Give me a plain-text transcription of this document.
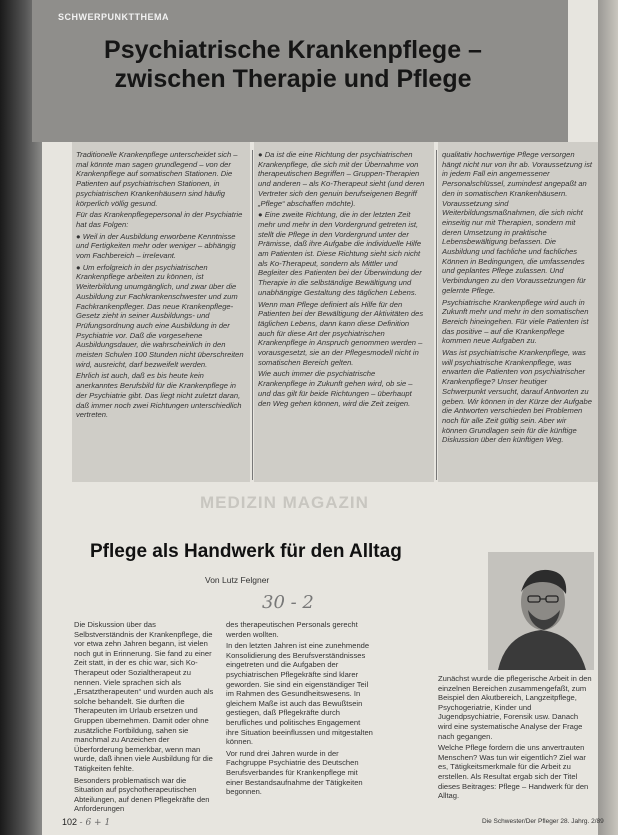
SCHWERPUNKTTHEMA
Psychiatrische Krankenpflege –
zwischen Therapie und Pflege

Traditionelle Krankenpflege unterscheidet sich – mal könnte man sagen grundlegend – von der Krankenpflege auf somatischen Stationen. Die Patienten auf psychiatrischen Stationen, in psychiatrischen Krankenhäusern sind häufig körperlich völlig gesund.

Für das Krankenpflegepersonal in der Psychiatrie hat das Folgen:

● Weil in der Ausbildung erworbene Kenntnisse und Fertigkeiten mehr oder weniger – abhängig vom Fachbereich – irrelevant.

● Um erfolgreich in der psychiatrischen Krankenpflege arbeiten zu können, ist Weiterbildung unumgänglich, und zwar über die Ausbildung zur Fachkrankenschwester und zum Fachkrankenpfleger. Das neue Krankenpflege-Gesetz zieht in seiner Ausbildungs- und Prüfungsordnung auch eine Ausbildung in der Psychiatrie vor. Daß die vorgesehene Ausbildungsdauer, die wahrscheinlich in den meisten Schulen 100 Stunden nicht überschreiten wird, ausreicht, darf bezweifelt werden.

Ehrlich ist auch, daß es bis heute kein anerkanntes Berufsbild für die Krankenpflege in der Psychiatrie gibt. Das liegt nicht zuletzt daran, daß immer noch zwei Richtungen unterschiedlich vertreten.

● Da ist die eine Richtung der psychiatrischen Krankenpflege, die sich mit der Übernahme von therapeutischen Begriffen – Gruppen-Therapien und anderen – als Ko-Therapeut sieht (und deren Vertreter sich den genuin berufseigenen Begriff „Pflege“ abschaffen möchte).

● Eine zweite Richtung, die in der letzten Zeit mehr und mehr in den Vordergrund getreten ist, stellt die Pflege in den Vordergrund unter der Prämisse, daß ihre Aufgabe die individuelle Hilfe am Patienten ist. Diese Richtung sieht sich nicht als Ko-Therapeut, sondern als Mittler und Begleiter des Patienten bei der Überwindung der Therapie in die selbständige Bewältigung und unabhängige Gestaltung des täglichen Lebens.

Wenn man Pflege definiert als Hilfe für den Patienten bei der Bewältigung der Aktivitäten des täglichen Lebens, dann kann diese Definition auch für diese Art der psychiatrischen Krankenpflege in Anspruch genommen werden – vorausgesetzt, sie an der Pflegesmodell nicht in somatischen Bereich gelten.

Wie auch immer die psychiatrische Krankenpflege in Zukunft gehen wird, ob sie – und das gilt für beide Richtungen – überhaupt den Weg gehen können, wird die Zeit zeigen.

qualitativ hochwertige Pflege versorgen hängt nicht nur von ihr ab. Voraussetzung ist in jedem Fall ein angemessener Personalschlüssel, zumindest angepaßt an den in somatischen Krankenhäusern. Voraussetzung sind Weiterbildungsmaßnahmen, die sich nicht einseitig nur mit Therapien, sondern mit deren Umsetzung in praktische Lebensbewältigung befassen. Die Ausbildung und fachliche und fachliches Können in Bedingungen, die umfassendes und geplantes Pflege zulassen. Und Verbindungen zu den Voraussetzungen für gelernte Pflege.

Psychiatrische Krankenpflege wird auch in Zukunft mehr und mehr in den somatischen Bereich hineingehen. Für viele Patienten ist das positive – auf die Krankenpflege kommen neue Aufgaben zu.

Was ist psychiatrische Krankenpflege, was will psychiatrische Krankenpflege, was erwarten die Patienten von psychiatrischer Krankenpflege? Unser heutiger Schwerpunkt versucht, darauf Antworten zu geben. Wir können in der Kürze der Aufgabe die Antworten verschieden bei Problemen noch für alle Zeit gültig sein. Aber wir können Grundlagen sein für die künftige Diskussion über den künftigen Weg.

MEDIZIN MAGAZIN
Pflege als Handwerk für den Alltag
Von Lutz Felgner
30 - 2

Die Diskussion über das Selbstverständnis der Krankenpflege, die vor etwa zehn Jahren begann, ist vielen noch gut in Erinnerung. Sie fand zu einer Zeit statt, in der es chic war, sich Ko-Therapeut oder Sozialtherapeut zu nennen. Viele sprachen sich als „Ersatztherapeuten“ und wurden auch als solche behandelt. Sie durften die Therapeuten im Urlaub ersetzen und Gruppen übernehmen. Damit oder ohne zusätzliche Fortbildung, sahen sie manchmal zu Anzeichen der Überforderung bemerkbar, wenn man wurde, daß ihnen viele Ausbildung für die Tätigkeiten fehlte.

Besonders problematisch war die Situation auf psychotherapeutischen Abteilungen, auf denen Pflegekräfte den Anforderungen

des therapeutischen Personals gerecht werden wollten.

In den letzten Jahren ist eine zunehmende Konsolidierung des Berufsverständnisses eingetreten und die Aufgaben der psychiatrischen Pflegekräfte sind klarer geworden. Sie sind ein eigenständiger Teil im Rahmen des Gesundheitswesens. In gleichem Maße ist auch das Bewußtsein gestiegen, daß Pflegekräfte durch berufliches und politisches Engagement ihre Situation beeinflussen und mitgestalten können.

Vor rund drei Jahren wurde in der Fachgruppe Psychiatrie des Deutschen Berufsverbandes für Krankenpflege mit einer Bestandsaufnahme der Tätigkeiten begonnen.

Zunächst wurde die pflegerische Arbeit in den einzelnen Bereichen zusammengefaßt, zum Beispiel den Akutbereich, Langzeitpflege, Psychogeriatrie, Kinder und Jugendpsychiatrie, Forensik usw. Danach wird eine systematische Analyse der Frage nach gegangen.

Welche Pflege fordern die uns anvertrauten Menschen? Was tun wir eigentlich? Ziel war es, Tätigkeitsmerkmale für die Arbeit zu erstellen. Als Resultat ergab sich der Titel dieses Beitrages: Pflege – Handwerk für den Alltag.

102 - 6 + 1	Die Schwester/Der Pfleger 28. Jahrg. 2/89
